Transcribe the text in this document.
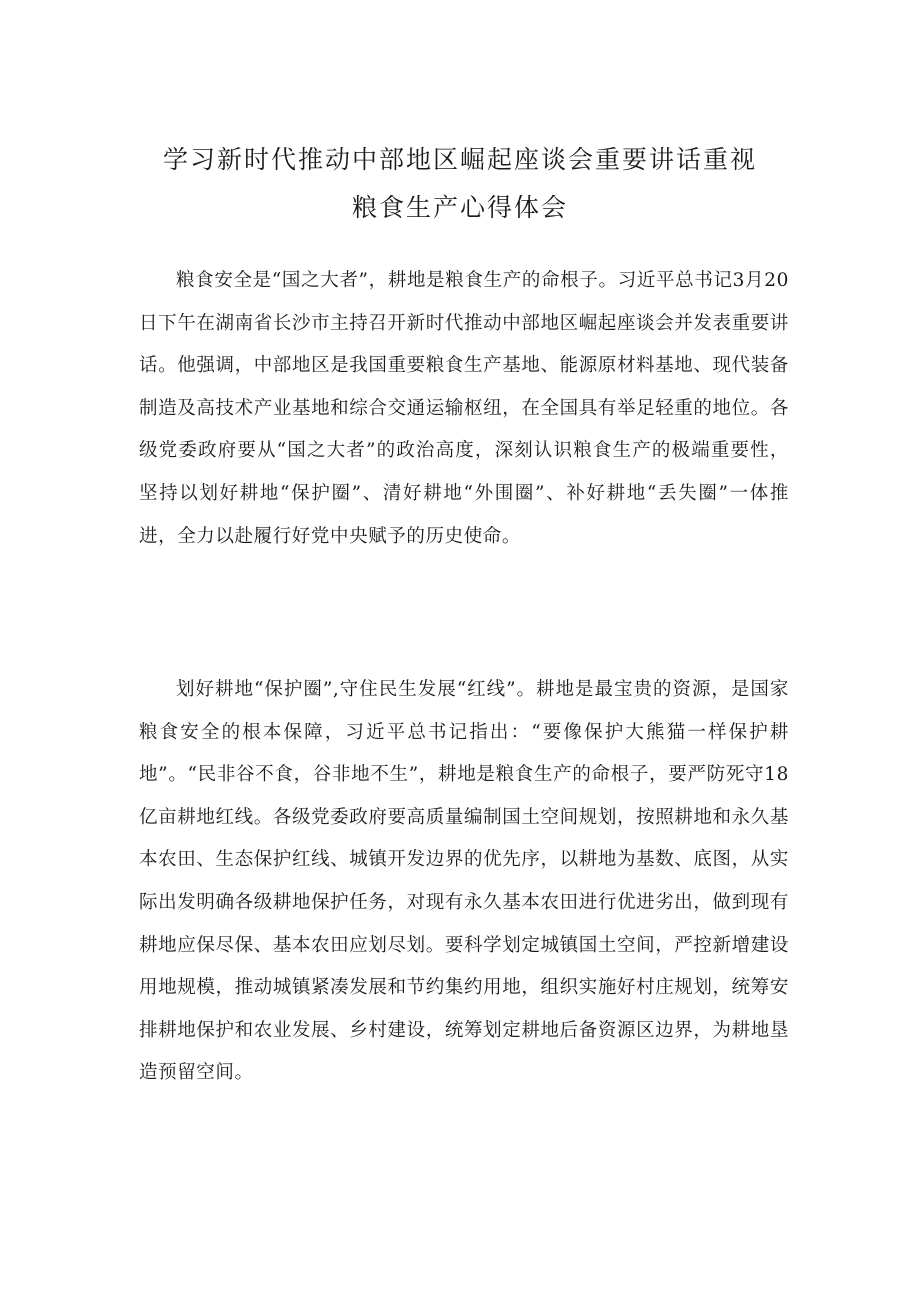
学习新时代推动中部地区崛起座谈会重要讲话重视
粮食生产心得体会

粮食安全是“国之大者”，耕地是粮食生产的命根子。习近平总书记3月20日下午在湖南省长沙市主持召开新时代推动中部地区崛起座谈会并发表重要讲话。他强调，中部地区是我国重要粮食生产基地、能源原材料基地、现代装备制造及高技术产业基地和综合交通运输枢纽，在全国具有举足轻重的地位。各级党委政府要从“国之大者”的政治高度，深刻认识粮食生产的极端重要性，坚持以划好耕地“保护圈”、清好耕地“外围圈”、补好耕地“丢失圈”一体推进，全力以赴履行好党中央赋予的历史使命。

划好耕地“保护圈”,守住民生发展“红线”。耕地是最宝贵的资源，是国家粮食安全的根本保障，习近平总书记指出：“要像保护大熊猫一样保护耕地”。“民非谷不食，谷非地不生”，耕地是粮食生产的命根子，要严防死守18亿亩耕地红线。各级党委政府要高质量编制国土空间规划，按照耕地和永久基本农田、生态保护红线、城镇开发边界的优先序，以耕地为基数、底图，从实际出发明确各级耕地保护任务，对现有永久基本农田进行优进劣出，做到现有耕地应保尽保、基本农田应划尽划。要科学划定城镇国土空间，严控新增建设用地规模，推动城镇紧凑发展和节约集约用地，组织实施好村庄规划，统筹安排耕地保护和农业发展、乡村建设，统筹划定耕地后备资源区边界，为耕地垦造预留空间。
